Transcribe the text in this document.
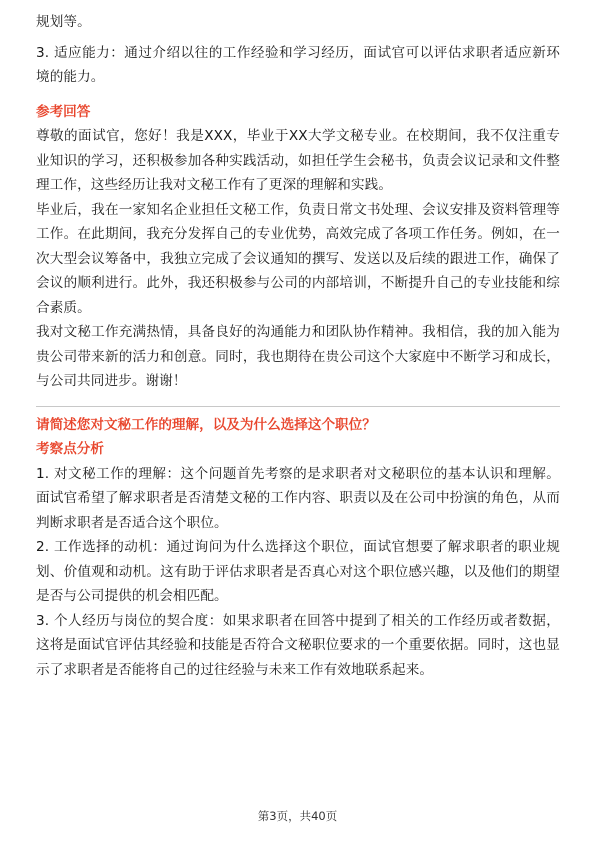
规划等。

3. 适应能力：通过介绍以往的工作经验和学习经历，面试官可以评估求职者适应新环境的能力。

参考回答

尊敬的面试官，您好！我是XXX，毕业于XX大学文秘专业。在校期间，我不仅注重专业知识的学习，还积极参加各种实践活动，如担任学生会秘书，负责会议记录和文件整理工作，这些经历让我对文秘工作有了更深的理解和实践。

毕业后，我在一家知名企业担任文秘工作，负责日常文书处理、会议安排及资料管理等工作。在此期间，我充分发挥自己的专业优势，高效完成了各项工作任务。例如，在一次大型会议筹备中，我独立完成了会议通知的撰写、发送以及后续的跟进工作，确保了会议的顺利进行。此外，我还积极参与公司的内部培训，不断提升自己的专业技能和综合素质。

我对文秘工作充满热情，具备良好的沟通能力和团队协作精神。我相信，我的加入能为贵公司带来新的活力和创意。同时，我也期待在贵公司这个大家庭中不断学习和成长，与公司共同进步。谢谢！

请简述您对文秘工作的理解，以及为什么选择这个职位？
考察点分析

1. 对文秘工作的理解：这个问题首先考察的是求职者对文秘职位的基本认识和理解。面试官希望了解求职者是否清楚文秘的工作内容、职责以及在公司中扮演的角色，从而判断求职者是否适合这个职位。

2. 工作选择的动机：通过询问为什么选择这个职位，面试官想要了解求职者的职业规划、价值观和动机。这有助于评估求职者是否真心对这个职位感兴趣，以及他们的期望是否与公司提供的机会相匹配。

3. 个人经历与岗位的契合度：如果求职者在回答中提到了相关的工作经历或者数据，这将是面试官评估其经验和技能是否符合文秘职位要求的一个重要依据。同时，这也显示了求职者是否能将自己的过往经验与未来工作有效地联系起来。

第3页，共40页
